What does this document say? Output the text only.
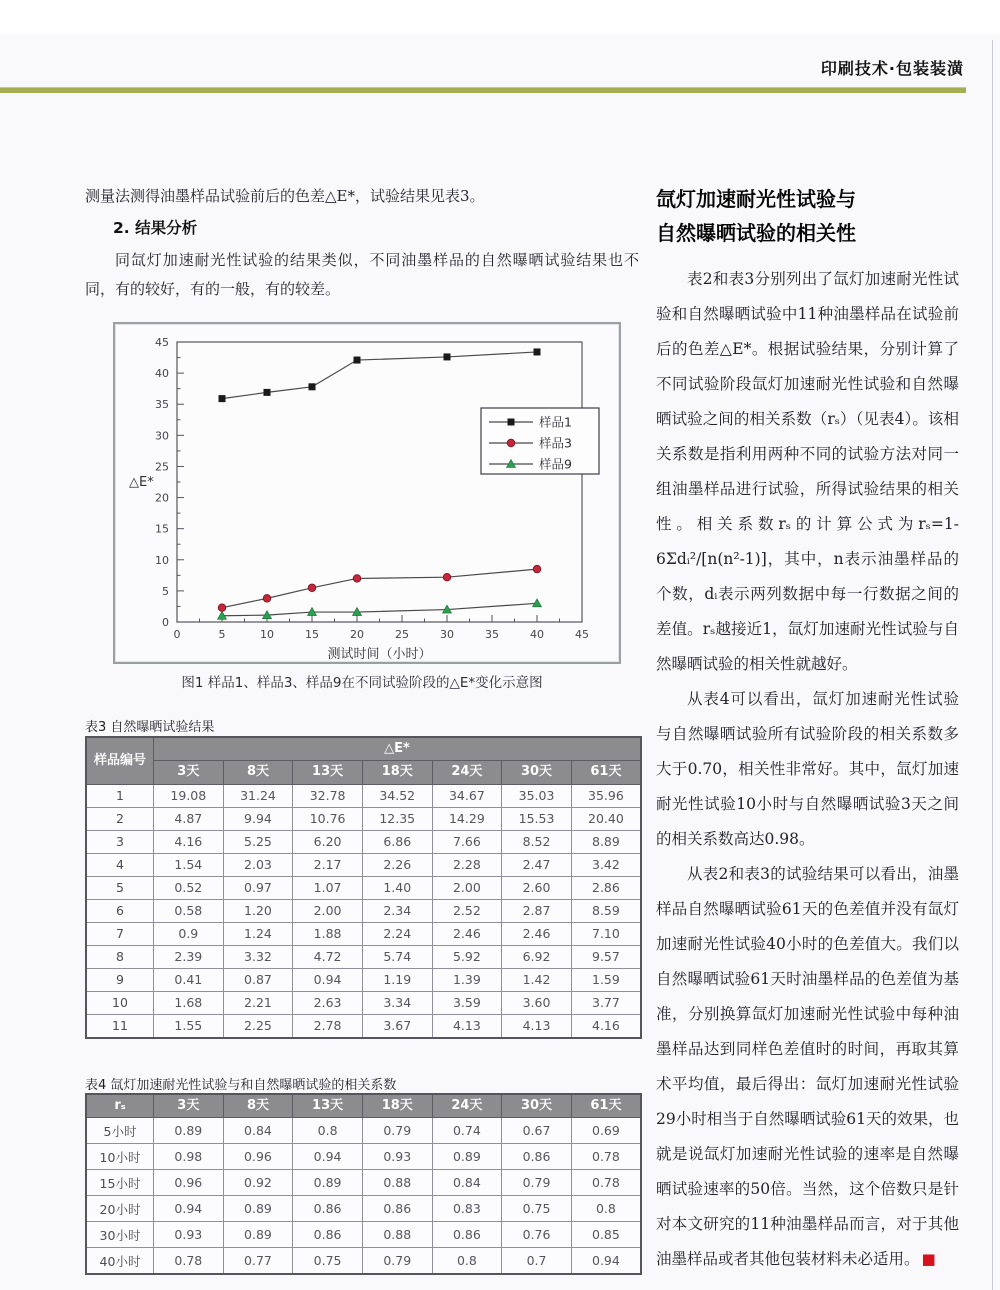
印刷技术·包装装潢

测量法测得油墨样品试验前后的色差△E*，试验结果见表3。

2. 结果分析

同氙灯加速耐光性试验的结果类似，不同油墨样品的自然曝晒试验结果也不同，有的较好，有的一般，有的较差。

0
0
5
5
10
10
15
15
20
20
25
25
30
30
35
35
40
40
45
45
测试时间（小时）
△E*
样品1
样品3
样品9

图1 样品1、样品3、样品9在不同试验阶段的△E*变化示意图

表3 自然曝晒试验结果

样品编号	△E*						
	3天	8天	13天	18天	24天	30天	61天
1	19.08	31.24	32.78	34.52	34.67	35.03	35.96
2	4.87	9.94	10.76	12.35	14.29	15.53	20.40
3	4.16	5.25	6.20	6.86	7.66	8.52	8.89
4	1.54	2.03	2.17	2.26	2.28	2.47	3.42
5	0.52	0.97	1.07	1.40	2.00	2.60	2.86
6	0.58	1.20	2.00	2.34	2.52	2.87	8.59
7	0.9	1.24	1.88	2.24	2.46	2.46	7.10
8	2.39	3.32	4.72	5.74	5.92	6.92	9.57
9	0.41	0.87	0.94	1.19	1.39	1.42	1.59
10	1.68	2.21	2.63	3.34	3.59	3.60	3.77
11	1.55	2.25	2.78	3.67	4.13	4.13	4.16

表4 氙灯加速耐光性试验与和自然曝晒试验的相关系数

rₛ	3天	8天	13天	18天	24天	30天	61天
5小时	0.89	0.84	0.8	0.79	0.74	0.67	0.69
10小时	0.98	0.96	0.94	0.93	0.89	0.86	0.78
15小时	0.96	0.92	0.89	0.88	0.84	0.79	0.78
20小时	0.94	0.89	0.86	0.86	0.83	0.75	0.8
30小时	0.93	0.89	0.86	0.88	0.86	0.76	0.85
40小时	0.78	0.77	0.75	0.79	0.8	0.7	0.94
氙灯加速耐光性试验与
自然曝晒试验的相关性

表2和表3分别列出了氙灯加速耐光性试验和自然曝晒试验中11种油墨样品在试验前后的色差△E*。根据试验结果，分别计算了不同试验阶段氙灯加速耐光性试验和自然曝晒试验之间的相关系数（rₛ）（见表4）。该相关系数是指利用两种不同的试验方法对同一组油墨样品进行试验，所得试验结果的相关性。相关系数rₛ的计算公式为rₛ=1-6Σdᵢ²/[n(n²-1)]，其中，n表示油墨样品的个数，dᵢ表示两列数据中每一行数据之间的差值。rₛ越接近1，氙灯加速耐光性试验与自然曝晒试验的相关性就越好。

从表4可以看出，氙灯加速耐光性试验与自然曝晒试验所有试验阶段的相关系数多大于0.70，相关性非常好。其中，氙灯加速耐光性试验10小时与自然曝晒试验3天之间的相关系数高达0.98。

从表2和表3的试验结果可以看出，油墨样品自然曝晒试验61天的色差值并没有氙灯加速耐光性试验40小时的色差值大。我们以自然曝晒试验61天时油墨样品的色差值为基准，分别换算氙灯加速耐光性试验中每种油墨样品达到同样色差值时的时间，再取其算术平均值，最后得出：氙灯加速耐光性试验29小时相当于自然曝晒试验61天的效果，也就是说氙灯加速耐光性试验的速率是自然曝晒试验速率的50倍。当然，这个倍数只是针对本文研究的11种油墨样品而言，对于其他油墨样品或者其他包装材料未必适用。 ■
